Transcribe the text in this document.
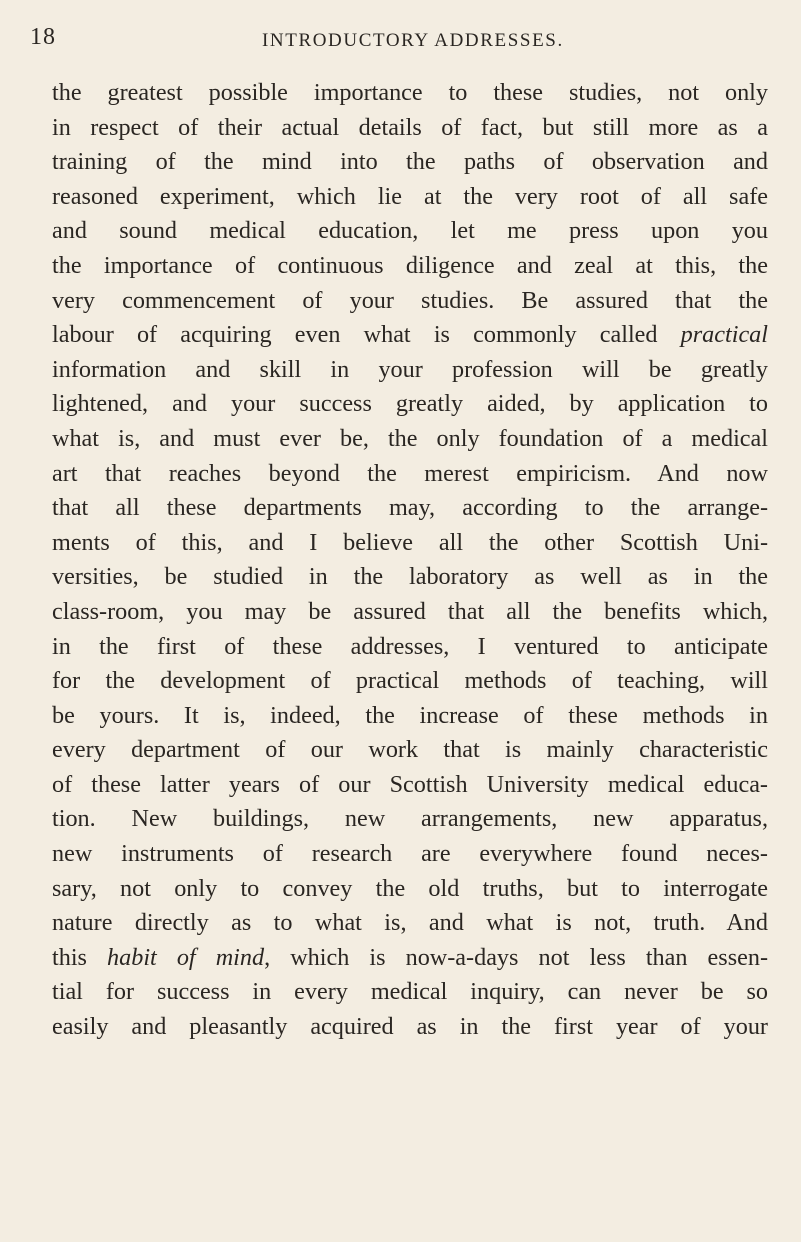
18	INTRODUCTORY ADDRESSES.
the greatest possible importance to these studies, not only
in respect of their actual details of fact, but still more as a
training of the mind into the paths of observation and
reasoned experiment, which lie at the very root of all safe
and sound medical education, let me press upon you
the importance of continuous diligence and zeal at this, the
very commencement of your studies. Be assured that the
labour of acquiring even what is commonly called practical
information and skill in your profession will be greatly
lightened, and your success greatly aided, by application to
what is, and must ever be, the only foundation of a medical
art that reaches beyond the merest empiricism. And now
that all these departments may, according to the arrange-
ments of this, and I believe all the other Scottish Uni-
versities, be studied in the laboratory as well as in the
class-room, you may be assured that all the benefits which,
in the first of these addresses, I ventured to anticipate
for the development of practical methods of teaching, will
be yours. It is, indeed, the increase of these methods in
every department of our work that is mainly characteristic
of these latter years of our Scottish University medical educa-
tion. New buildings, new arrangements, new apparatus,
new instruments of research are everywhere found neces-
sary, not only to convey the old truths, but to interrogate
nature directly as to what is, and what is not, truth. And
this habit of mind, which is now-a-days not less than essen-
tial for success in every medical inquiry, can never be so
easily and pleasantly acquired as in the first year of your
